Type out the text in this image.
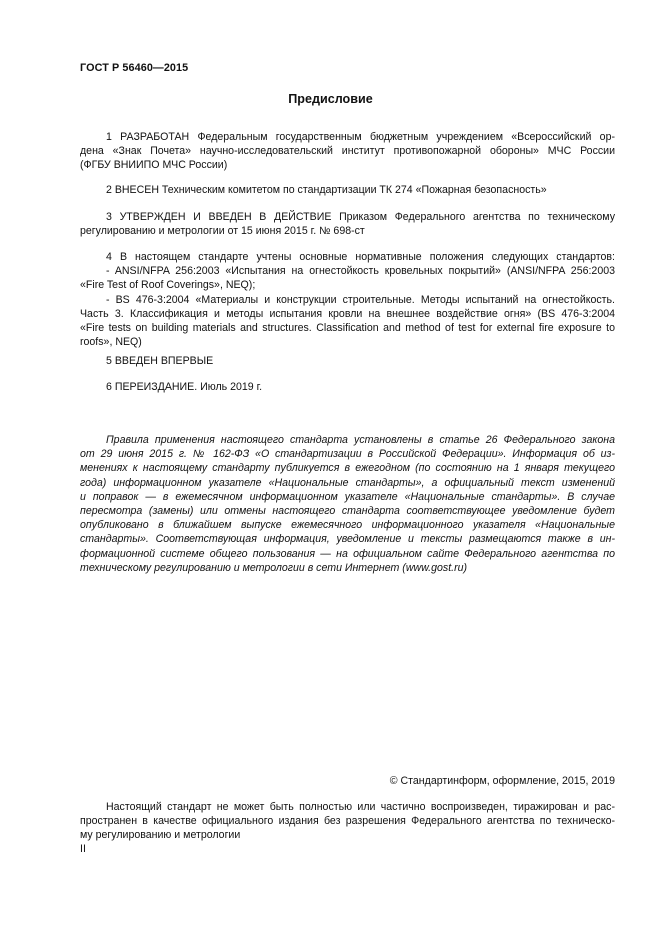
ГОСТ Р 56460—2015
Предисловие
1 РАЗРАБОТАН Федеральным государственным бюджетным учреждением «Всероссийский ор-
дена «Знак Почета» научно-исследовательский институт противопожарной обороны» МЧС России
(ФГБУ ВНИИПО МЧС России)
2 ВНЕСЕН Техническим комитетом по стандартизации ТК 274 «Пожарная безопасность»
3 УТВЕРЖДЕН И ВВЕДЕН В ДЕЙСТВИЕ Приказом Федерального агентства по техническому
регулированию и метрологии от 15 июня 2015 г. № 698-ст
4 В настоящем стандарте учтены основные нормативные положения следующих стандартов:
- ANSI/NFPA 256:2003 «Испытания на огнестойкость кровельных покрытий» (ANSI/NFPA 256:2003
«Fire Test of Roof Coverings», NEQ);
- BS 476-3:2004 «Материалы и конструкции строительные. Методы испытаний на огнестойкость.
Часть 3. Классификация и методы испытания кровли на внешнее воздействие огня» (BS 476-3:2004
«Fire tests on building materials and structures. Classification and method of test for external fire exposure to
roofs», NEQ)
5 ВВЕДЕН ВПЕРВЫЕ
6 ПЕРЕИЗДАНИЕ. Июль 2019 г.
Правила применения настоящего стандарта установлены в статье 26 Федерального закона
от 29 июня 2015 г. № 162-ФЗ «О стандартизации в Российской Федерации». Информация об из-
менениях к настоящему стандарту публикуется в ежегодном (по состоянию на 1 января текущего
года) информационном указателе «Национальные стандарты», а официальный текст изменений
и поправок — в ежемесячном информационном указателе «Национальные стандарты». В случае
пересмотра (замены) или отмены настоящего стандарта соответствующее уведомление будет
опубликовано в ближайшем выпуске ежемесячного информационного указателя «Национальные
стандарты». Соответствующая информация, уведомление и тексты размещаются также в ин-
формационной системе общего пользования — на официальном сайте Федерального агентства по
техническому регулированию и метрологии в сети Интернет (www.gost.ru)
© Стандартинформ, оформление, 2015, 2019
Настоящий стандарт не может быть полностью или частично воспроизведен, тиражирован и рас-
пространен в качестве официального издания без разрешения Федерального агентства по техническо-
му регулированию и метрологии
II
